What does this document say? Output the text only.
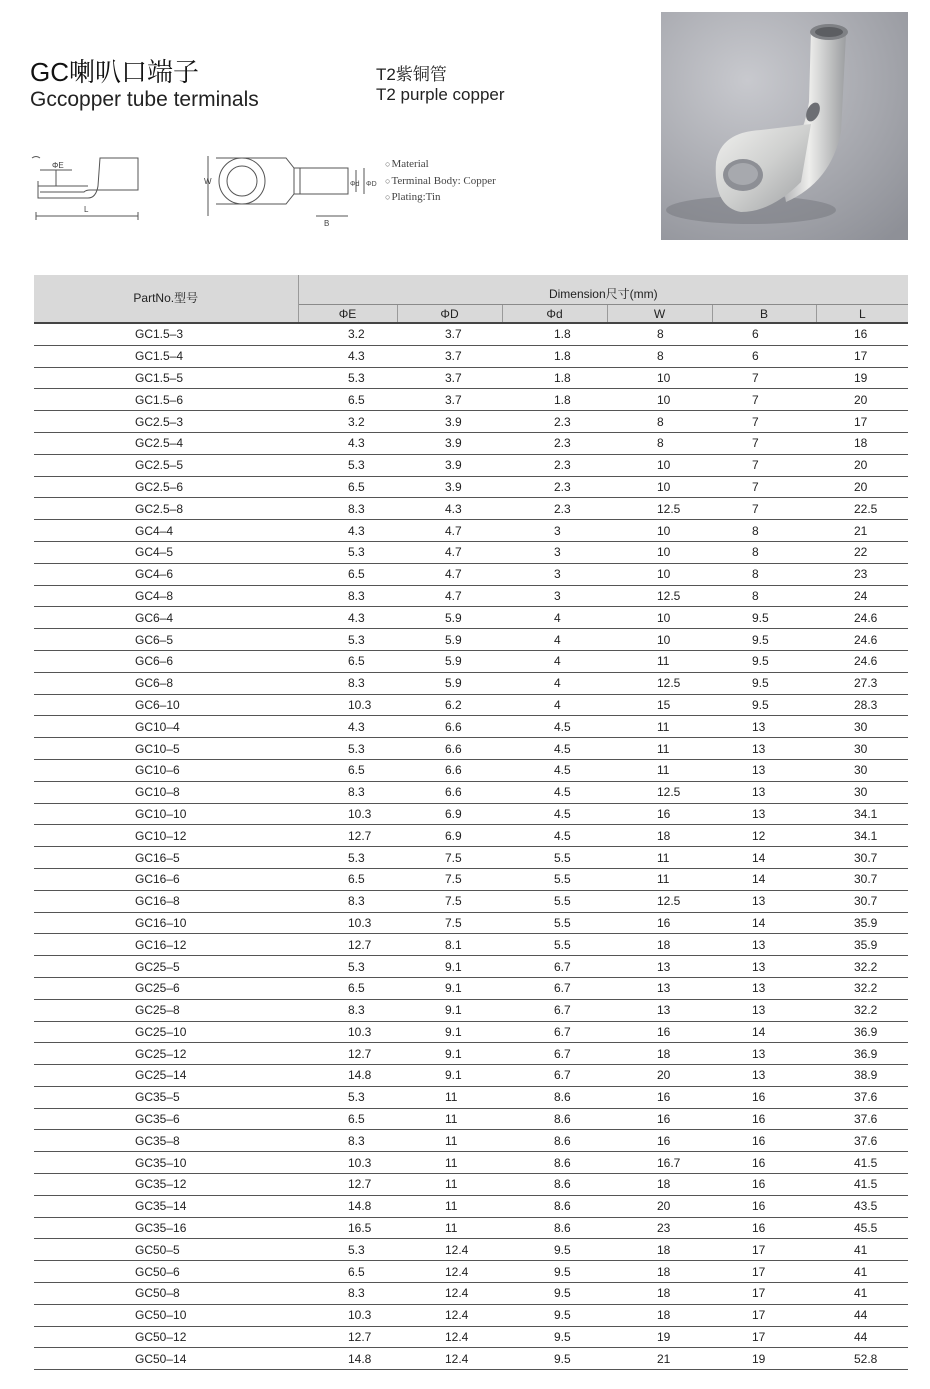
GC喇叭口端子
Gccopper tube terminals
T2紫铜管
T2 purple copper
ΦE
L
W	Φd ΦD
B
○ Material
○ Terminal Body: Copper
○ Plating:Tin
PartNo.型号	Dimension尺寸(mm)					
	ΦE	ΦD	Φd	W	B	L
GC1.5–3	3.2	3.7	1.8	8	6	16
GC1.5–4	4.3	3.7	1.8	8	6	17
GC1.5–5	5.3	3.7	1.8	10	7	19
GC1.5–6	6.5	3.7	1.8	10	7	20
GC2.5–3	3.2	3.9	2.3	8	7	17
GC2.5–4	4.3	3.9	2.3	8	7	18
GC2.5–5	5.3	3.9	2.3	10	7	20
GC2.5–6	6.5	3.9	2.3	10	7	20
GC2.5–8	8.3	4.3	2.3	12.5	7	22.5
GC4–4	4.3	4.7	3	10	8	21
GC4–5	5.3	4.7	3	10	8	22
GC4–6	6.5	4.7	3	10	8	23
GC4–8	8.3	4.7	3	12.5	8	24
GC6–4	4.3	5.9	4	10	9.5	24.6
GC6–5	5.3	5.9	4	10	9.5	24.6
GC6–6	6.5	5.9	4	11	9.5	24.6
GC6–8	8.3	5.9	4	12.5	9.5	27.3
GC6–10	10.3	6.2	4	15	9.5	28.3
GC10–4	4.3	6.6	4.5	11	13	30
GC10–5	5.3	6.6	4.5	11	13	30
GC10–6	6.5	6.6	4.5	11	13	30
GC10–8	8.3	6.6	4.5	12.5	13	30
GC10–10	10.3	6.9	4.5	16	13	34.1
GC10–12	12.7	6.9	4.5	18	12	34.1
GC16–5	5.3	7.5	5.5	11	14	30.7
GC16–6	6.5	7.5	5.5	11	14	30.7
GC16–8	8.3	7.5	5.5	12.5	13	30.7
GC16–10	10.3	7.5	5.5	16	14	35.9
GC16–12	12.7	8.1	5.5	18	13	35.9
GC25–5	5.3	9.1	6.7	13	13	32.2
GC25–6	6.5	9.1	6.7	13	13	32.2
GC25–8	8.3	9.1	6.7	13	13	32.2
GC25–10	10.3	9.1	6.7	16	14	36.9
GC25–12	12.7	9.1	6.7	18	13	36.9
GC25–14	14.8	9.1	6.7	20	13	38.9
GC35–5	5.3	11	8.6	16	16	37.6
GC35–6	6.5	11	8.6	16	16	37.6
GC35–8	8.3	11	8.6	16	16	37.6
GC35–10	10.3	11	8.6	16.7	16	41.5
GC35–12	12.7	11	8.6	18	16	41.5
GC35–14	14.8	11	8.6	20	16	43.5
GC35–16	16.5	11	8.6	23	16	45.5
GC50–5	5.3	12.4	9.5	18	17	41
GC50–6	6.5	12.4	9.5	18	17	41
GC50–8	8.3	12.4	9.5	18	17	41
GC50–10	10.3	12.4	9.5	18	17	44
GC50–12	12.7	12.4	9.5	19	17	44
GC50–14	14.8	12.4	9.5	21	19	52.8
